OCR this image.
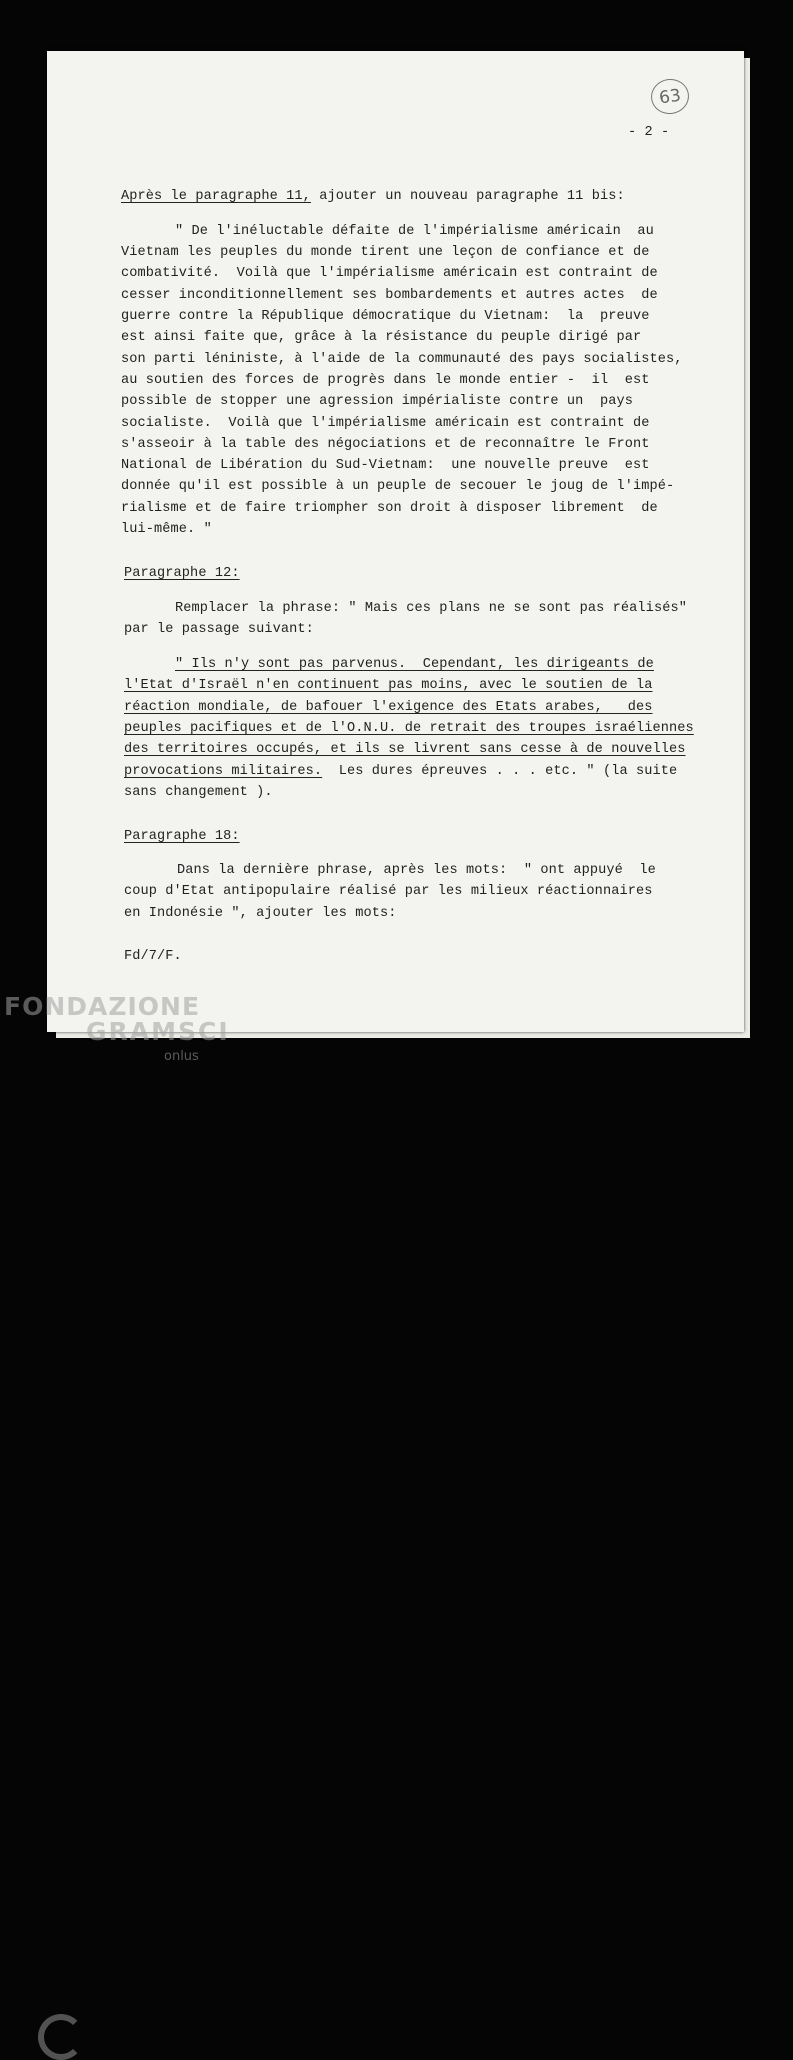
63
- 2 -
Après le paragraphe 11, ajouter un nouveau paragraphe 11 bis:
" De l'inéluctable défaite de l'impérialisme américain  au
Vietnam les peuples du monde tirent une leçon de confiance et de
combativité.  Voilà que l'impérialisme américain est contraint de
cesser inconditionnellement ses bombardements et autres actes  de
guerre contre la République démocratique du Vietnam:  la  preuve
est ainsi faite que, grâce à la résistance du peuple dirigé par
son parti léniniste, à l'aide de la communauté des pays socialistes,
au soutien des forces de progrès dans le monde entier -  il  est
possible de stopper une agression impérialiste contre un  pays
socialiste.  Voilà que l'impérialisme américain est contraint de
s'asseoir à la table des négociations et de reconnaître le Front
National de Libération du Sud-Vietnam:  une nouvelle preuve  est
donnée qu'il est possible à un peuple de secouer le joug de l'impé-
rialisme et de faire triompher son droit à disposer librement  de
lui-même. "
Paragraphe 12:
Remplacer la phrase: " Mais ces plans ne se sont pas réalisés"
par le passage suivant:
" Ils n'y sont pas parvenus.  Cependant, les dirigeants de
l'Etat d'Israël n'en continuent pas moins, avec le soutien de la
réaction mondiale, de bafouer l'exigence des Etats arabes,   des
peuples pacifiques et de l'O.N.U. de retrait des troupes israéliennes
des territoires occupés, et ils se livrent sans cesse à de nouvelles
provocations militaires.  Les dures épreuves . . . etc. " (la suite
sans changement ).
Paragraphe 18:
Dans la dernière phrase, après les mots:  " ont appuyé  le
coup d'Etat antipopulaire réalisé par les milieux réactionnaires
en Indonésie ", ajouter les mots:
Fd/7/F.
FONDAZIONE
GRAMSCI
onlus
